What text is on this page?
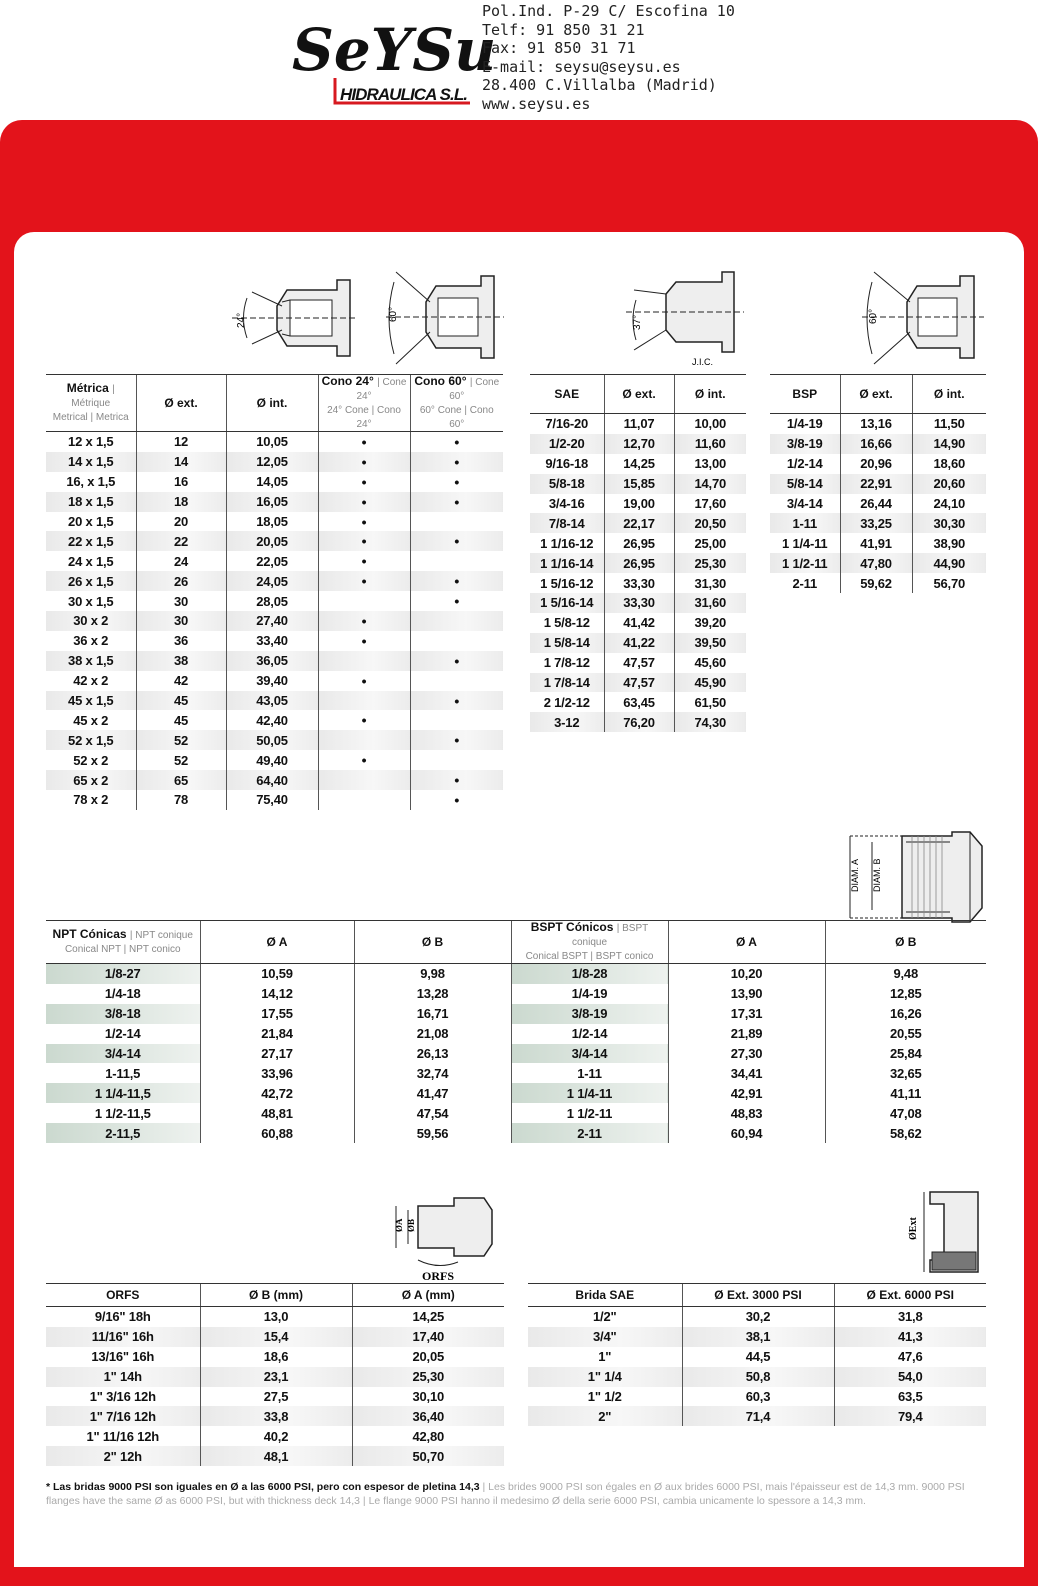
SeYSu
HIDRAULICA S.L.
Pol.Ind. P-29 C/ Escofina 10
Telf: 91 850 31 21
Fax: 91 850 31 71
E-mail: seysu@seysu.es
28.400 C.Villalba (Madrid)
www.seysu.es
24°	60°
37°
J.I.C.
60°
Métrica | Métrique
Metrical | Metrica	Ø ext.	Ø int.	Cono 24° | Cone 24°
24° Cone | Cono 24°	Cono 60° | Cone 60°
60° Cone | Cono 60°
12 x 1,5	12	10,05	•	•
14 x 1,5	14	12,05	•	•
16, x 1,5	16	14,05	•	•
18 x 1,5	18	16,05	•	•
20 x 1,5	20	18,05	•	
22 x 1,5	22	20,05	•	•
24 x 1,5	24	22,05	•	
26 x 1,5	26	24,05	•	•
30 x 1,5	30	28,05		•
30 x 2	30	27,40	•	
36 x 2	36	33,40	•	
38 x 1,5	38	36,05		•
42 x 2	42	39,40	•	
45 x 1,5	45	43,05		•
45 x 2	45	42,40	•	
52 x 1,5	52	50,05		•
52 x 2	52	49,40	•	
65 x 2	65	64,40		•
78 x 2	78	75,40		•
SAE	Ø ext.	Ø int.
7/16-20	11,07	10,00
1/2-20	12,70	11,60
9/16-18	14,25	13,00
5/8-18	15,85	14,70
3/4-16	19,00	17,60
7/8-14	22,17	20,50
1 1/16-12	26,95	25,00
1 1/16-14	26,95	25,30
1 5/16-12	33,30	31,30
1 5/16-14	33,30	31,60
1 5/8-12	41,42	39,20
1 5/8-14	41,22	39,50
1 7/8-12	47,57	45,60
1 7/8-14	47,57	45,90
2 1/2-12	63,45	61,50
3-12	76,20	74,30
BSP	Ø ext.	Ø int.
1/4-19	13,16	11,50
3/8-19	16,66	14,90
1/2-14	20,96	18,60
5/8-14	22,91	20,60
3/4-14	26,44	24,10
1-11	33,25	30,30
1 1/4-11	41,91	38,90
1 1/2-11	47,80	44,90
2-11	59,62	56,70
DIAM. A DIAM. B
NPT Cónicas | NPT conique
Conical NPT | NPT conico	Ø A	Ø B	BSPT Cónicos | BSPT conique
Conical BSPT | BSPT conico	Ø A	Ø B
1/8-27	10,59	9,98	1/8-28	10,20	9,48
1/4-18	14,12	13,28	1/4-19	13,90	12,85
3/8-18	17,55	16,71	3/8-19	17,31	16,26
1/2-14	21,84	21,08	1/2-14	21,89	20,55
3/4-14	27,17	26,13	3/4-14	27,30	25,84
1-11,5	33,96	32,74	1-11	34,41	32,65
1 1/4-11,5	42,72	41,47	1 1/4-11	42,91	41,11
1 1/2-11,5	48,81	47,54	1 1/2-11	48,83	47,08
2-11,5	60,88	59,56	2-11	60,94	58,62
ØA ØB
ORFS
ØExt
ORFS	Ø B (mm)	Ø A (mm)
9/16" 18h	13,0	14,25
11/16" 16h	15,4	17,40
13/16" 16h	18,6	20,05
1" 14h	23,1	25,30
1" 3/16 12h	27,5	30,10
1" 7/16 12h	33,8	36,40
1" 11/16 12h	40,2	42,80
2" 12h	48,1	50,70
Brida SAE	Ø Ext. 3000 PSI	Ø Ext. 6000 PSI
1/2"	30,2	31,8
3/4"	38,1	41,3
1"	44,5	47,6
1" 1/4	50,8	54,0
1" 1/2	60,3	63,5
2"	71,4	79,4
* Las bridas 9000 PSI son iguales en Ø a las 6000 PSI, pero con espesor de pletina 14,3 | Les brides 9000 PSI son égales en Ø aux brides 6000 PSI, mais l'épaisseur est de 14,3 mm. 9000 PSI flanges have the same Ø as 6000 PSI, but with thickness deck 14,3 | Le flange 9000 PSI hanno il medesimo Ø della serie 6000 PSI, cambia unicamente lo spessore a 14,3 mm.
